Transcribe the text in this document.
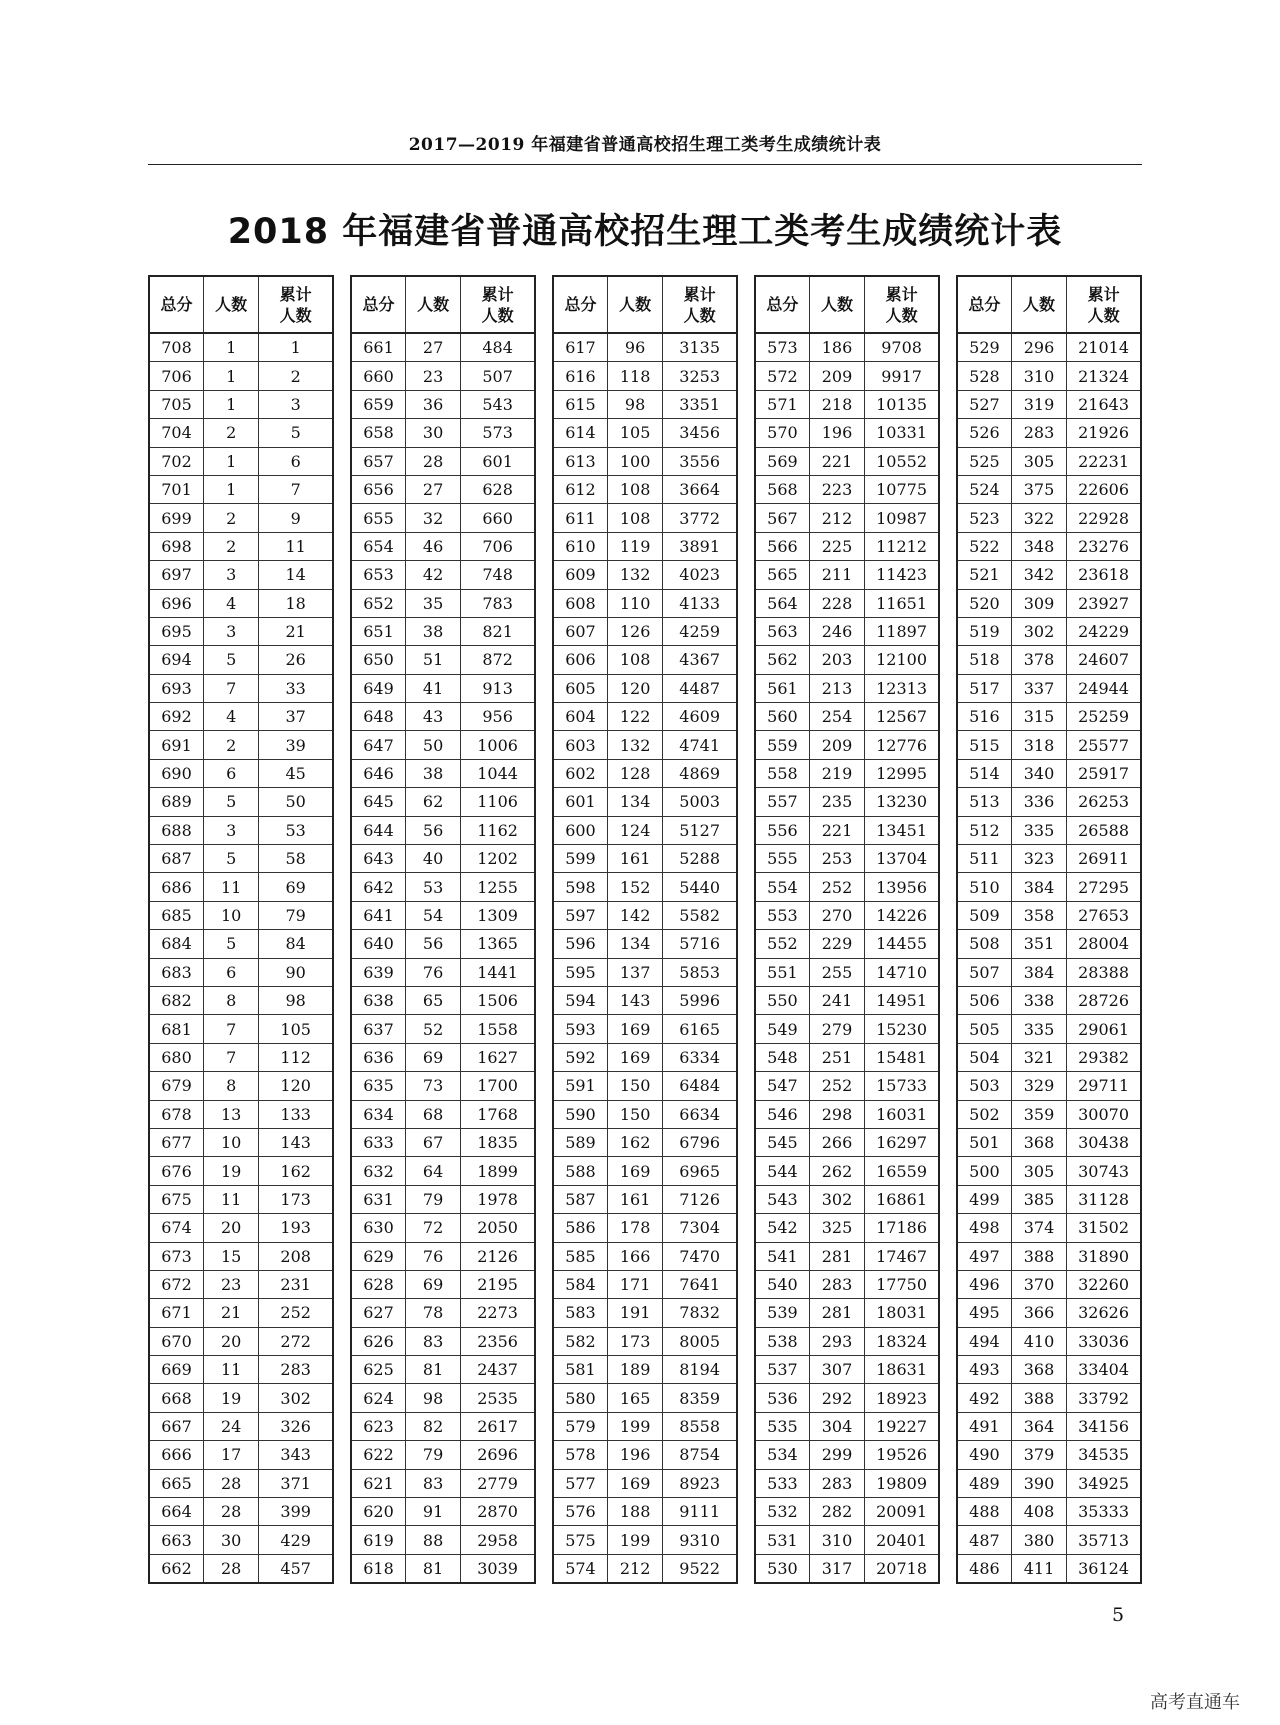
2017—2019 年福建省普通高校招生理工类考生成绩统计表
2018 年福建省普通高校招生理工类考生成绩统计表
总分	人数	累计
人数
708	1	1
706	1	2
705	1	3
704	2	5
702	1	6
701	1	7
699	2	9
698	2	11
697	3	14
696	4	18
695	3	21
694	5	26
693	7	33
692	4	37
691	2	39
690	6	45
689	5	50
688	3	53
687	5	58
686	11	69
685	10	79
684	5	84
683	6	90
682	8	98
681	7	105
680	7	112
679	8	120
678	13	133
677	10	143
676	19	162
675	11	173
674	20	193
673	15	208
672	23	231
671	21	252
670	20	272
669	11	283
668	19	302
667	24	326
666	17	343
665	28	371
664	28	399
663	30	429
662	28	457
总分	人数	累计
人数
661	27	484
660	23	507
659	36	543
658	30	573
657	28	601
656	27	628
655	32	660
654	46	706
653	42	748
652	35	783
651	38	821
650	51	872
649	41	913
648	43	956
647	50	1006
646	38	1044
645	62	1106
644	56	1162
643	40	1202
642	53	1255
641	54	1309
640	56	1365
639	76	1441
638	65	1506
637	52	1558
636	69	1627
635	73	1700
634	68	1768
633	67	1835
632	64	1899
631	79	1978
630	72	2050
629	76	2126
628	69	2195
627	78	2273
626	83	2356
625	81	2437
624	98	2535
623	82	2617
622	79	2696
621	83	2779
620	91	2870
619	88	2958
618	81	3039
总分	人数	累计
人数
617	96	3135
616	118	3253
615	98	3351
614	105	3456
613	100	3556
612	108	3664
611	108	3772
610	119	3891
609	132	4023
608	110	4133
607	126	4259
606	108	4367
605	120	4487
604	122	4609
603	132	4741
602	128	4869
601	134	5003
600	124	5127
599	161	5288
598	152	5440
597	142	5582
596	134	5716
595	137	5853
594	143	5996
593	169	6165
592	169	6334
591	150	6484
590	150	6634
589	162	6796
588	169	6965
587	161	7126
586	178	7304
585	166	7470
584	171	7641
583	191	7832
582	173	8005
581	189	8194
580	165	8359
579	199	8558
578	196	8754
577	169	8923
576	188	9111
575	199	9310
574	212	9522
总分	人数	累计
人数
573	186	9708
572	209	9917
571	218	10135
570	196	10331
569	221	10552
568	223	10775
567	212	10987
566	225	11212
565	211	11423
564	228	11651
563	246	11897
562	203	12100
561	213	12313
560	254	12567
559	209	12776
558	219	12995
557	235	13230
556	221	13451
555	253	13704
554	252	13956
553	270	14226
552	229	14455
551	255	14710
550	241	14951
549	279	15230
548	251	15481
547	252	15733
546	298	16031
545	266	16297
544	262	16559
543	302	16861
542	325	17186
541	281	17467
540	283	17750
539	281	18031
538	293	18324
537	307	18631
536	292	18923
535	304	19227
534	299	19526
533	283	19809
532	282	20091
531	310	20401
530	317	20718
总分	人数	累计
人数
529	296	21014
528	310	21324
527	319	21643
526	283	21926
525	305	22231
524	375	22606
523	322	22928
522	348	23276
521	342	23618
520	309	23927
519	302	24229
518	378	24607
517	337	24944
516	315	25259
515	318	25577
514	340	25917
513	336	26253
512	335	26588
511	323	26911
510	384	27295
509	358	27653
508	351	28004
507	384	28388
506	338	28726
505	335	29061
504	321	29382
503	329	29711
502	359	30070
501	368	30438
500	305	30743
499	385	31128
498	374	31502
497	388	31890
496	370	32260
495	366	32626
494	410	33036
493	368	33404
492	388	33792
491	364	34156
490	379	34535
489	390	34925
488	408	35333
487	380	35713
486	411	36124
5
高考直通车
